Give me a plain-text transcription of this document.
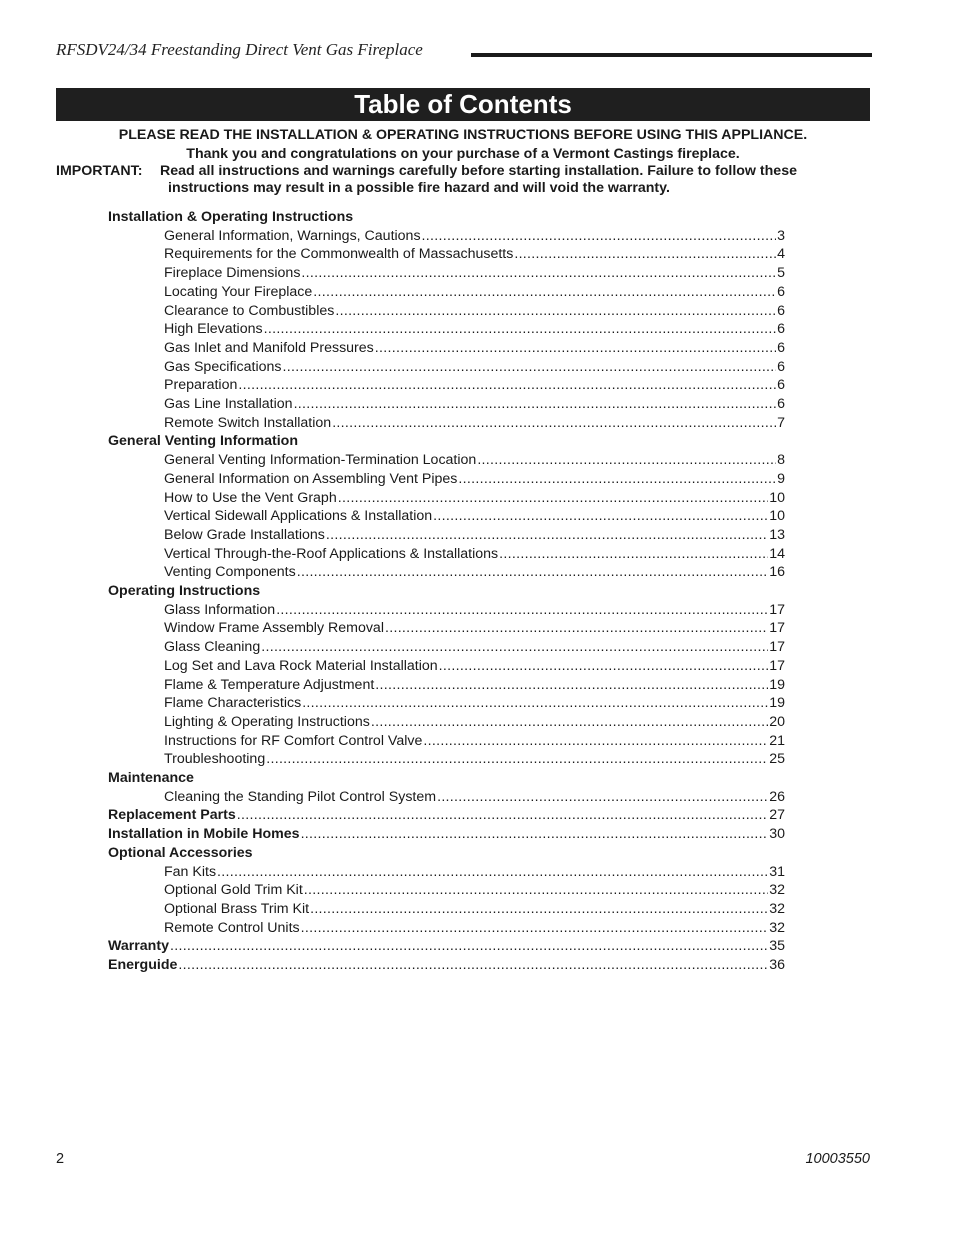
RFSDV24/34 Freestanding Direct Vent Gas Fireplace
Table of Contents
PLEASE READ THE INSTALLATION & OPERATING INSTRUCTIONS BEFORE USING THIS APPLIANCE.
Thank you and congratulations on your purchase of a Vermont Castings fireplace.
IMPORTANT: Read all instructions and warnings carefully before starting installation. Failure to follow these
instructions may result in a possible fire hazard and will void the warranty.
Installation & Operating Instructions
General Information, Warnings, Cautions .....	3
Requirements for the Commonwealth of Massachusetts .....	4
Fireplace Dimensions .....	5
Locating Your Fireplace .....	6
Clearance to Combustibles .....	6
High Elevations .....	6
Gas Inlet and Manifold Pressures .....	6
Gas Specifications .....	6
Preparation .....	6
Gas Line Installation .....	6
Remote Switch Installation .....	7
General Venting Information
General Venting Information-Termination Location .....	8
General Information on Assembling Vent Pipes .....	9
How to Use the Vent Graph .....	10
Vertical Sidewall Applications & Installation .....	10
Below Grade Installations .....	13
Vertical Through-the-Roof Applications & Installations .....	14
Venting Components .....	16
Operating Instructions
Glass Information .....	17
Window Frame Assembly Removal .....	17
Glass Cleaning .....	17
Log Set and Lava Rock Material Installation .....	17
Flame & Temperature Adjustment .....	19
Flame Characteristics .....	19
Lighting & Operating Instructions .....	20
Instructions for RF Comfort Control Valve .....	21
Troubleshooting .....	25
Maintenance
Cleaning the Standing Pilot Control System .....	26
Replacement Parts .....	27
Installation in Mobile Homes .....	30
Optional Accessories
Fan Kits .....	31
Optional Gold Trim Kit .....	32
Optional Brass Trim Kit .....	32
Remote Control Units .....	32
Warranty .....	35
Energuide .....	36
2	10003550
